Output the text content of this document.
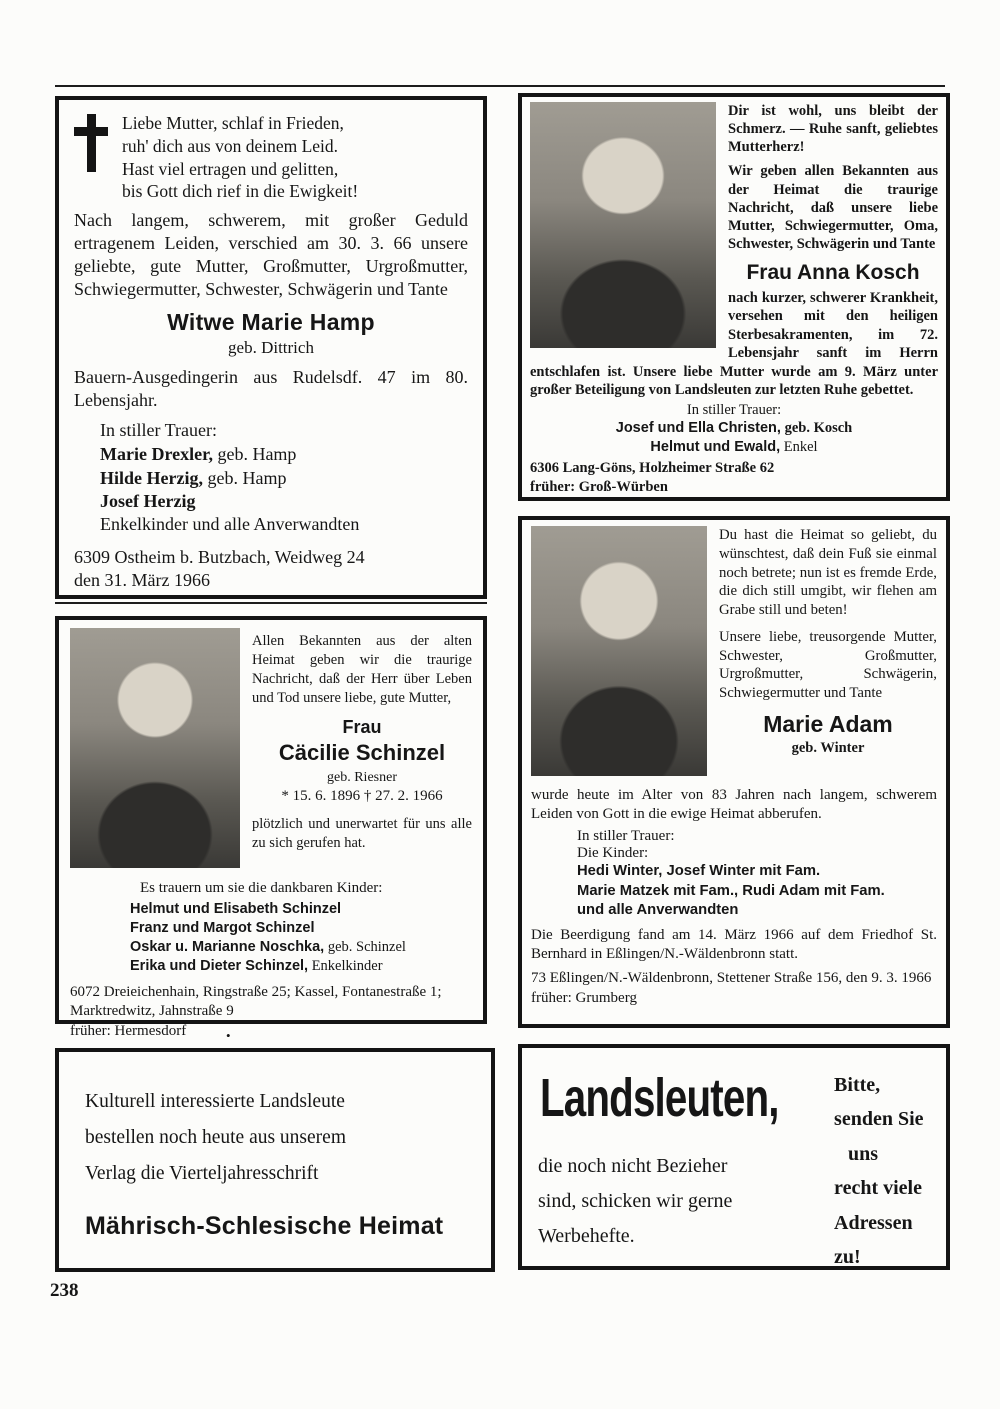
Liebe Mutter, schlaf in Frieden,
ruh' dich aus von deinem Leid.
Hast viel ertragen und gelitten,
bis Gott dich rief in die Ewigkeit!
Nach langem, schwerem, mit großer Geduld ertragenem Leiden, verschied am 30. 3. 66 unsere geliebte, gute Mutter, Großmutter, Urgroßmutter, Schwiegermutter, Schwester, Schwägerin und Tante
Witwe Marie Hamp
geb. Dittrich
Bauern-Ausgedingerin aus Rudelsdf. 47 im 80. Lebensjahr.
In stiller Trauer:
Marie Drexler, geb. Hamp
Hilde Herzig, geb. Hamp
Josef Herzig
Enkelkinder und alle Anverwandten
6309 Ostheim b. Butzbach, Weidweg 24
den 31. März 1966
Dir ist wohl, uns bleibt der Schmerz. — Ruhe sanft, geliebtes Mutterherz!
Wir geben allen Bekannten aus der Heimat die traurige Nachricht, daß unsere liebe Mutter, Schwiegermutter, Oma, Schwester, Schwägerin und Tante
Frau Anna Kosch
nach kurzer, schwerer Krankheit, versehen mit den heiligen Sterbesakramenten, im 72. Lebensjahr sanft im Herrn entschlafen ist. Unsere liebe Mutter wurde am 9. März unter großer Beteiligung von Landsleuten zur letzten Ruhe gebettet.
In stiller Trauer:
Josef und Ella Christen, geb. Kosch
Helmut und Ewald, Enkel
6306 Lang-Göns, Holzheimer Straße 62
früher: Groß-Würben
Allen Bekannten aus der alten Heimat geben wir die traurige Nachricht, daß der Herr über Leben und Tod unsere liebe, gute Mutter,
Frau
Cäcilie Schinzel
geb. Riesner
* 15. 6. 1896 † 27. 2. 1966
plötzlich und unerwartet für uns alle zu sich gerufen hat.
Es trauern um sie die dankbaren Kinder:
Helmut und Elisabeth Schinzel
Franz und Margot Schinzel
Oskar u. Marianne Noschka, geb. Schinzel
Erika und Dieter Schinzel, Enkelkinder
6072 Dreieichenhain, Ringstraße 25; Kassel, Fontanestraße 1; Marktredwitz, Jahnstraße 9
früher: Hermesdorf
Du hast die Heimat so geliebt, du wünschtest, daß dein Fuß sie einmal noch betrete; nun ist es fremde Erde, die dich still umgibt, wir flehen am Grabe still und beten!
Unsere liebe, treusorgende Mutter, Schwester, Großmutter, Urgroßmutter, Schwägerin, Schwiegermutter und Tante
Marie Adam
geb. Winter
wurde heute im Alter von 83 Jahren nach langem, schwerem Leiden von Gott in die ewige Heimat abberufen.
In stiller Trauer:
Die Kinder:
Hedi Winter, Josef Winter mit Fam.
Marie Matzek mit Fam., Rudi Adam mit Fam.
und alle Anverwandten
Die Beerdigung fand am 14. März 1966 auf dem Friedhof St. Bernhard in Eßlingen/N.-Wäldenbronn statt.
73 Eßlingen/N.-Wäldenbronn, Stettener Straße 156, den 9. 3. 1966
früher: Grumberg
•
Kulturell interessierte Landsleute
bestellen noch heute aus unserem
Verlag die Vierteljahresschrift
Mährisch-Schlesische Heimat
Landsleuten,
die noch nicht Bezieher
sind, schicken wir gerne
Werbehefte.
Bitte,
senden Sie
uns
recht viele
Adressen
zu!
238
